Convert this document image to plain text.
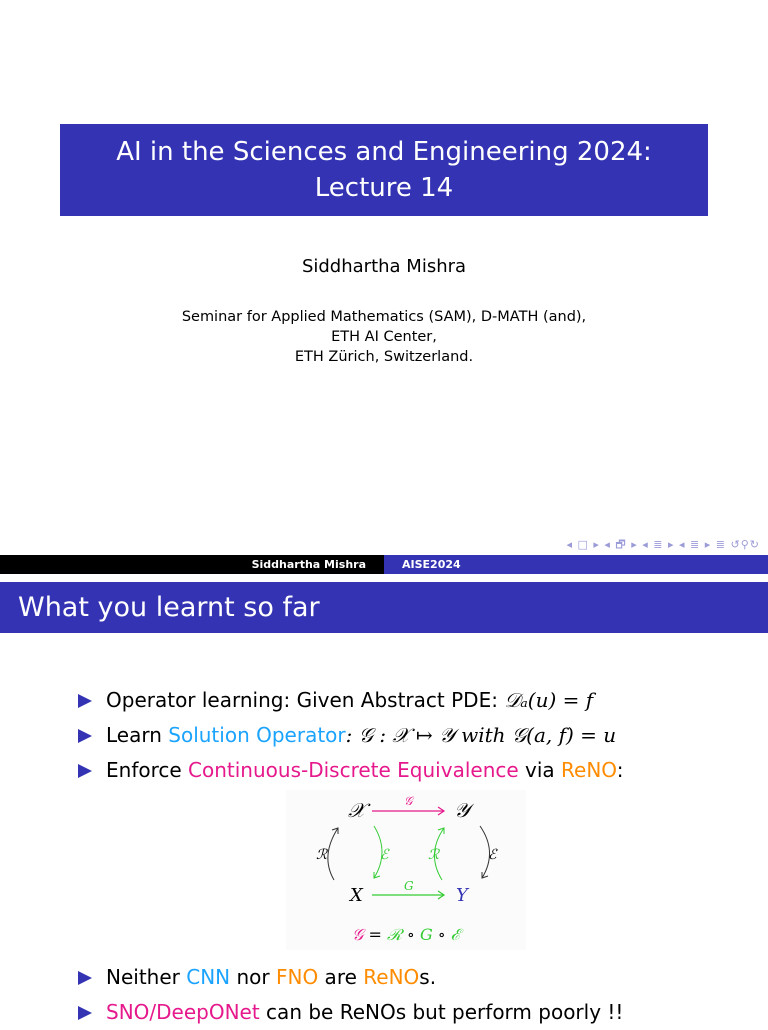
AI in the Sciences and Engineering 2024:
Lecture 14
Siddhartha Mishra
Seminar for Applied Mathematics (SAM), D-MATH (and),
ETH AI Center,
ETH Zürich, Switzerland.
◂ □ ▸ ◂ 🗗 ▸ ◂ ≣ ▸ ◂ ≣ ▸ ≣ ↺⚲↻
Siddhartha Mishra	AISE2024
What you learnt so far
Operator learning: Given Abstract PDE: 𝒟ₐ(u) = f
Learn Solution Operator: 𝒢 : 𝒳 ↦ 𝒴 with 𝒢(a, f) = u
Enforce Continuous-Discrete Equivalence via ReNO:
𝒳	𝒴
X	Y
𝒢
G
ℛ	ℰ	ℛ	ℰ
𝒢 = ℛ ∘ G ∘ ℰ
Neither CNN nor FNO are ReNOs.
SNO/DeepONet can be ReNOs but perform poorly !!
